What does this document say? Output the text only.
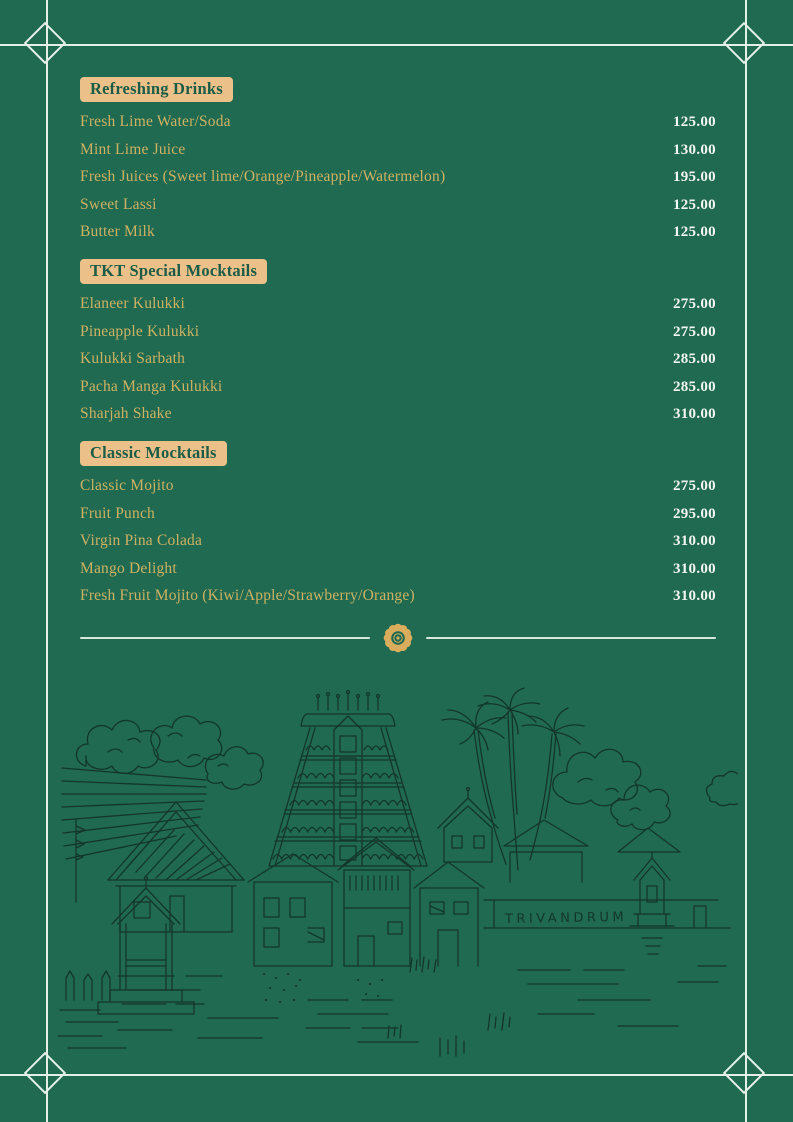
Refreshing Drinks
Fresh Lime Water/Soda	125.00
Mint Lime Juice	130.00
Fresh Juices (Sweet lime/Orange/Pineapple/Watermelon)	195.00
Sweet Lassi	125.00
Butter Milk	125.00
TKT Special Mocktails
Elaneer Kulukki	275.00
Pineapple Kulukki	275.00
Kulukki Sarbath	285.00
Pacha Manga Kulukki	285.00
Sharjah Shake	310.00
Classic Mocktails
Classic Mojito	275.00
Fruit Punch	295.00
Virgin Pina Colada	310.00
Mango Delight	310.00
Fresh Fruit Mojito (Kiwi/Apple/Strawberry/Orange)	310.00
TRIVANDRUM
